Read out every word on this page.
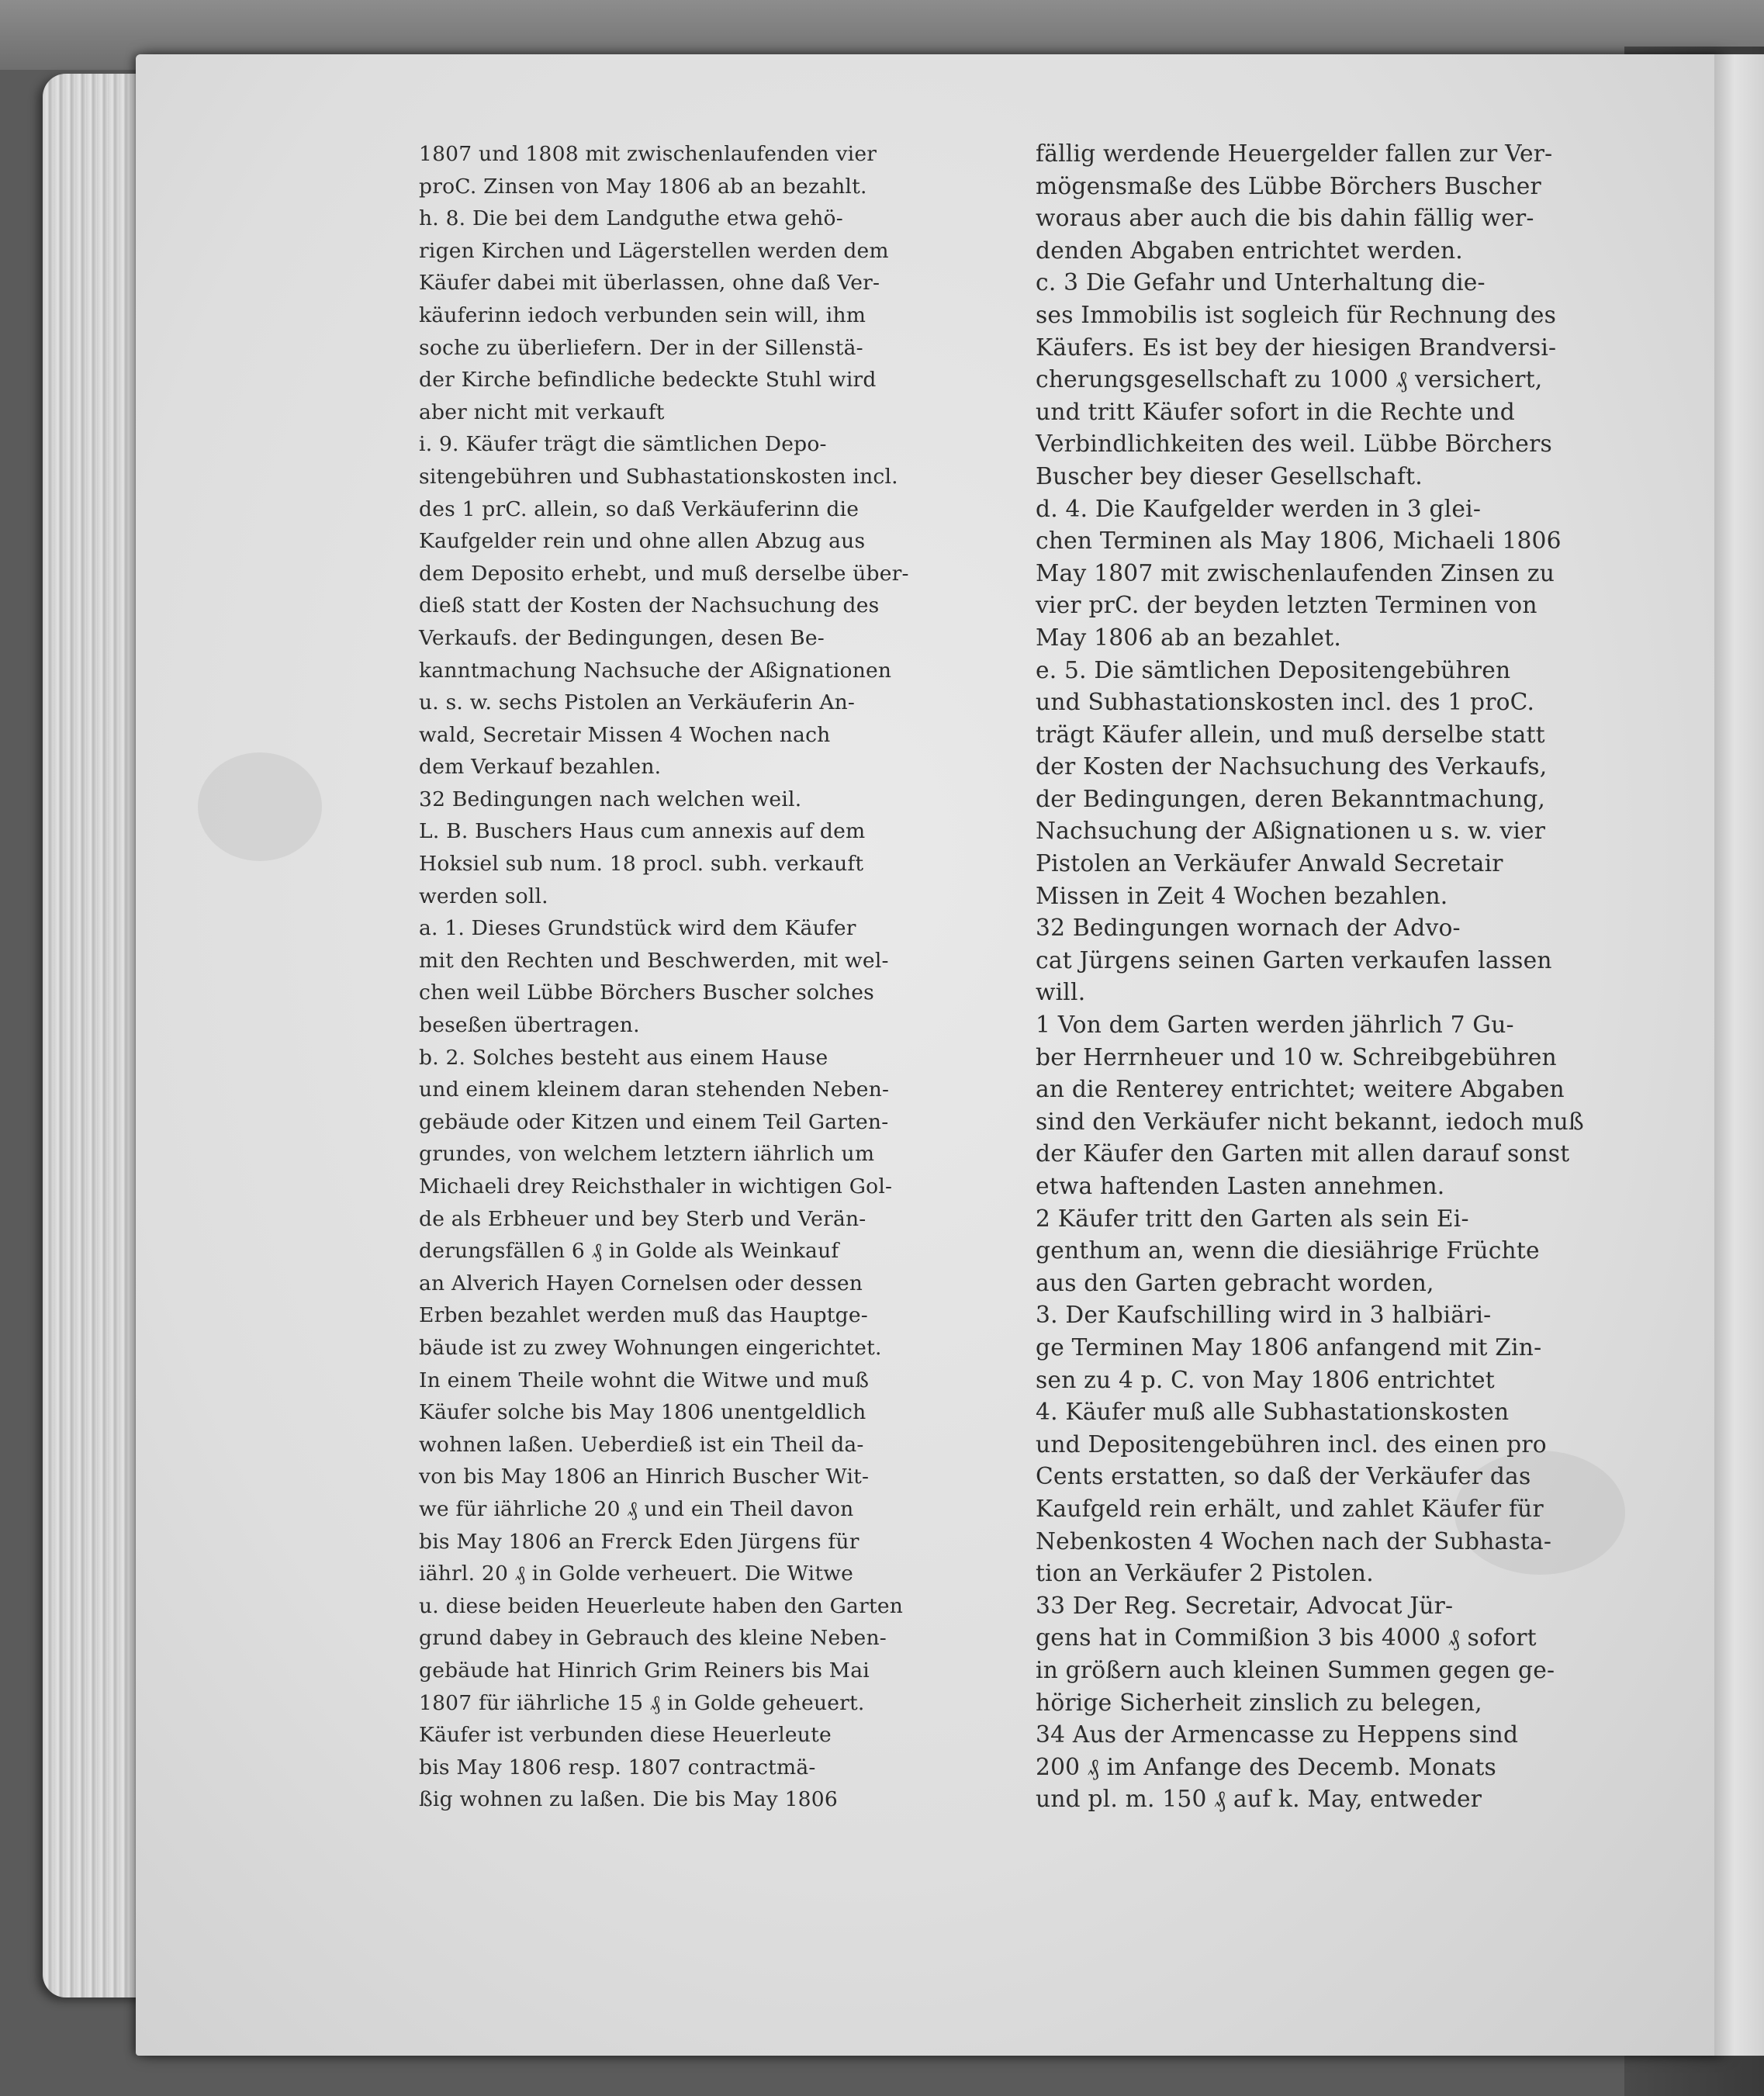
1807 und 1808 mit zwischenlaufenden vier

proC. Zinsen von May 1806 ab an bezahlt.

h. 8. Die bei dem Landguthe etwa gehö-

rigen Kirchen und Lägerstellen werden dem

Käufer dabei mit überlassen, ohne daß Ver-

käuferinn iedoch verbunden sein will, ihm

soche zu überliefern. Der in der Sillenstä-

der Kirche befindliche bedeckte Stuhl wird

aber nicht mit verkauft

i. 9. Käufer trägt die sämtlichen Depo-

sitengebühren und Subhastationskosten incl.

des 1 prC. allein, so daß Verkäuferinn die

Kaufgelder rein und ohne allen Abzug aus

dem Deposito erhebt, und muß derselbe über-

dieß statt der Kosten der Nachsuchung des

Verkaufs. der Bedingungen, desen Be-

kanntmachung Nachsuche der Aßignationen

u. s. w. sechs Pistolen an Verkäuferin An-

wald, Secretair Missen 4 Wochen nach

dem Verkauf bezahlen.

32 Bedingungen nach welchen weil.

L. B. Buschers Haus cum annexis auf dem

Hoksiel sub num. 18 procl. subh. verkauft

werden soll.

a. 1. Dieses Grundstück wird dem Käufer

mit den Rechten und Beschwerden, mit wel-

chen weil Lübbe Börchers Buscher solches

beseßen übertragen.

b. 2. Solches besteht aus einem Hause

und einem kleinem daran stehenden Neben-

gebäude oder Kitzen und einem Teil Garten-

grundes, von welchem letztern iährlich um

Michaeli drey Reichsthaler in wichtigen Gol-

de als Erbheuer und bey Sterb und Verän-

derungsfällen 6 ₰ in Golde als Weinkauf

an Alverich Hayen Cornelsen oder dessen

Erben bezahlet werden muß das Hauptge-

bäude ist zu zwey Wohnungen eingerichtet.

In einem Theile wohnt die Witwe und muß

Käufer solche bis May 1806 unentgeldlich

wohnen laßen. Ueberdieß ist ein Theil da-

von bis May 1806 an Hinrich Buscher Wit-

we für iährliche 20 ₰ und ein Theil davon

bis May 1806 an Frerck Eden Jürgens für

iährl. 20 ₰ in Golde verheuert. Die Witwe

u. diese beiden Heuerleute haben den Garten

grund dabey in Gebrauch des kleine Neben-

gebäude hat Hinrich Grim Reiners bis Mai

1807 für iährliche 15 ₰ in Golde geheuert.

Käufer ist verbunden diese Heuerleute

bis May 1806 resp. 1807 contractmä-

ßig wohnen zu laßen. Die bis May 1806

fällig werdende Heuergelder fallen zur Ver-

mögensmaße des Lübbe Börchers Buscher

woraus aber auch die bis dahin fällig wer-

denden Abgaben entrichtet werden.

c. 3 Die Gefahr und Unterhaltung die-

ses Immobilis ist sogleich für Rechnung des

Käufers. Es ist bey der hiesigen Brandversi-

cherungsgesellschaft zu 1000 ₰ versichert,

und tritt Käufer sofort in die Rechte und

Verbindlichkeiten des weil. Lübbe Börchers

Buscher bey dieser Gesellschaft.

d. 4. Die Kaufgelder werden in 3 glei-

chen Terminen als May 1806, Michaeli 1806

May 1807 mit zwischenlaufenden Zinsen zu

vier prC. der beyden letzten Terminen von

May 1806 ab an bezahlet.

e. 5. Die sämtlichen Depositengebühren

und Subhastationskosten incl. des 1 proC.

trägt Käufer allein, und muß derselbe statt

der Kosten der Nachsuchung des Verkaufs,

der Bedingungen, deren Bekanntmachung,

Nachsuchung der Aßignationen u s. w. vier

Pistolen an Verkäufer Anwald Secretair

Missen in Zeit 4 Wochen bezahlen.

32 Bedingungen wornach der Advo-

cat Jürgens seinen Garten verkaufen lassen

will.

1 Von dem Garten werden jährlich 7 Gu-

ber Herrnheuer und 10 w. Schreibgebühren

an die Renterey entrichtet; weitere Abgaben

sind den Verkäufer nicht bekannt, iedoch muß

der Käufer den Garten mit allen darauf sonst

etwa haftenden Lasten annehmen.

2 Käufer tritt den Garten als sein Ei-

genthum an, wenn die diesiährige Früchte

aus den Garten gebracht worden,

3. Der Kaufschilling wird in 3 halbiäri-

ge Terminen May 1806 anfangend mit Zin-

sen zu 4 p. C. von May 1806 entrichtet

4. Käufer muß alle Subhastationskosten

und Depositengebühren incl. des einen pro

Cents erstatten, so daß der Verkäufer das

Kaufgeld rein erhält, und zahlet Käufer für

Nebenkosten 4 Wochen nach der Subhasta-

tion an Verkäufer 2 Pistolen.

33 Der Reg. Secretair, Advocat Jür-

gens hat in Commißion 3 bis 4000 ₰ sofort

in größern auch kleinen Summen gegen ge-

hörige Sicherheit zinslich zu belegen,

34 Aus der Armencasse zu Heppens sind

200 ₰ im Anfange des Decemb. Monats

und pl. m. 150 ₰ auf k. May, entweder
